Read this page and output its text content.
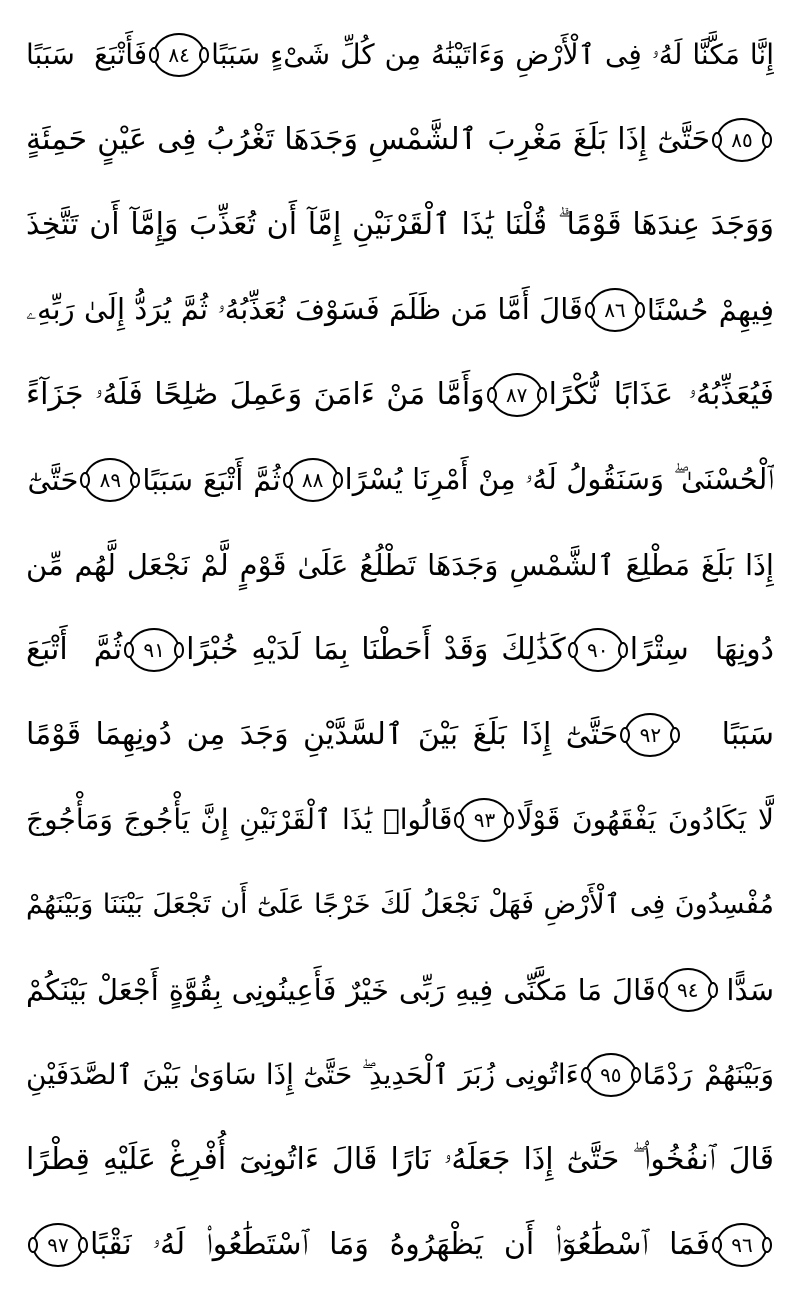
إِنَّا مَكَّنَّا لَهُۥ فِى ٱلْأَرْضِ وَءَاتَيْنَٰهُ مِن كُلِّ شَىْءٍ سَبَبًا
٨٤
فَأَتْبَعَ سَبَبًا
٨٥
حَتَّىٰٓ إِذَا بَلَغَ مَغْرِبَ ٱلشَّمْسِ وَجَدَهَا تَغْرُبُ فِى عَيْنٍ حَمِئَةٍ
وَوَجَدَ عِندَهَا قَوْمًا ۗ قُلْنَا يَٰذَا ٱلْقَرْنَيْنِ إِمَّآ أَن تُعَذِّبَ وَإِمَّآ أَن تَتَّخِذَ
فِيهِمْ حُسْنًا
٨٦
قَالَ أَمَّا مَن ظَلَمَ فَسَوْفَ نُعَذِّبُهُۥ ثُمَّ يُرَدُّ إِلَىٰ رَبِّهِۦ
فَيُعَذِّبُهُۥ عَذَابًا نُّكْرًا
٨٧
وَأَمَّا مَنْ ءَامَنَ وَعَمِلَ صَٰلِحًا فَلَهُۥ جَزَآءً
ٱلْحُسْنَىٰ ۖ وَسَنَقُولُ لَهُۥ مِنْ أَمْرِنَا يُسْرًا
٨٨
ثُمَّ أَتْبَعَ سَبَبًا
٨٩
حَتَّىٰٓ
إِذَا بَلَغَ مَطْلِعَ ٱلشَّمْسِ وَجَدَهَا تَطْلُعُ عَلَىٰ قَوْمٍ لَّمْ نَجْعَل لَّهُم مِّن
دُونِهَا سِتْرًا
٩٠
كَذَٰلِكَ وَقَدْ أَحَطْنَا بِمَا لَدَيْهِ خُبْرًا
٩١
ثُمَّ أَتْبَعَ
سَبَبًا
٩٢
حَتَّىٰٓ إِذَا بَلَغَ بَيْنَ ٱلسَّدَّيْنِ وَجَدَ مِن دُونِهِمَا قَوْمًا
لَّا يَكَادُونَ يَفْقَهُونَ قَوْلًا
٩٣
قَالُوا۟ يَٰذَا ٱلْقَرْنَيْنِ إِنَّ يَأْجُوجَ وَمَأْجُوجَ
مُفْسِدُونَ فِى ٱلْأَرْضِ فَهَلْ نَجْعَلُ لَكَ خَرْجًا عَلَىٰٓ أَن تَجْعَلَ بَيْنَنَا وَبَيْنَهُمْ
سَدًّا
٩٤
قَالَ مَا مَكَّنِّى فِيهِ رَبِّى خَيْرٌ فَأَعِينُونِى بِقُوَّةٍ أَجْعَلْ بَيْنَكُمْ
وَبَيْنَهُمْ رَدْمًا
٩٥
ءَاتُونِى زُبَرَ ٱلْحَدِيدِ ۖ حَتَّىٰٓ إِذَا سَاوَىٰ بَيْنَ ٱلصَّدَفَيْنِ
قَالَ ٱنفُخُوا۟ ۖ حَتَّىٰٓ إِذَا جَعَلَهُۥ نَارًا قَالَ ءَاتُونِىٓ أُفْرِغْ عَلَيْهِ قِطْرًا
٩٦
فَمَا ٱسْطَٰعُوٓا۟ أَن يَظْهَرُوهُ وَمَا ٱسْتَطَٰعُوا۟ لَهُۥ نَقْبًا
٩٧
